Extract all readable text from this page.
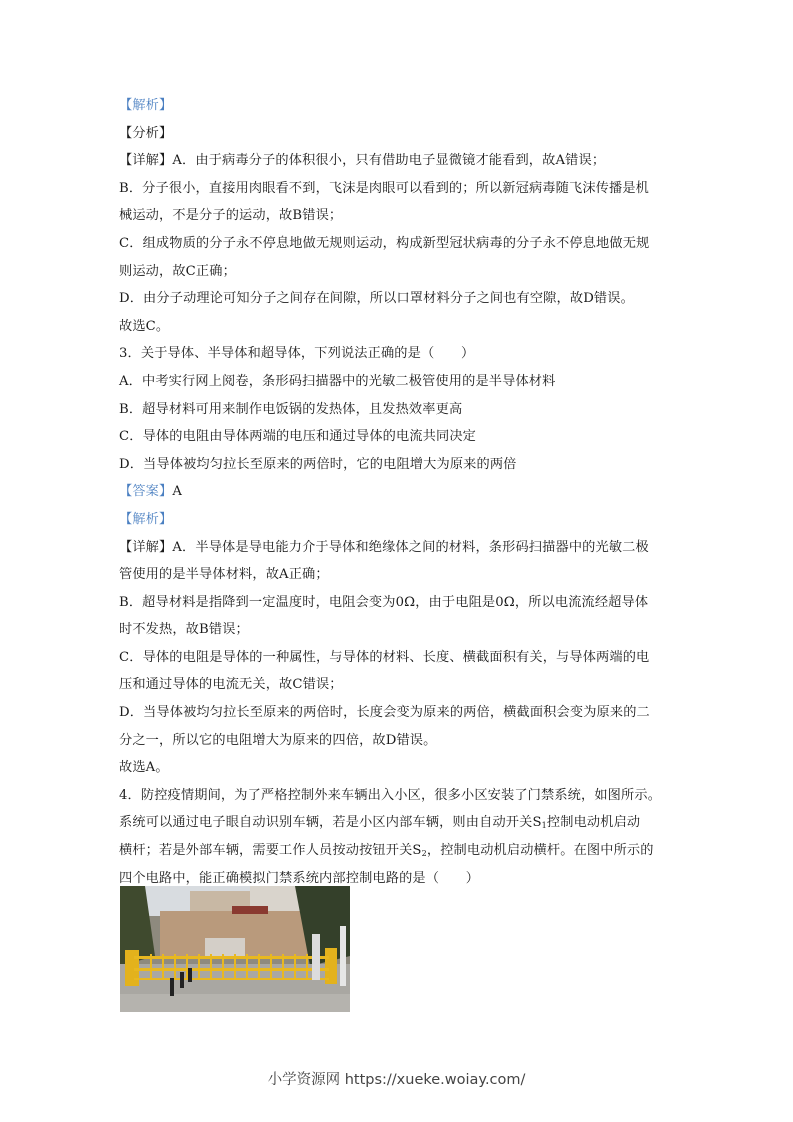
【解析】
【分析】
【详解】A．由于病毒分子的体积很小，只有借助电子显微镜才能看到，故A错误；
B．分子很小，直接用肉眼看不到，飞沫是肉眼可以看到的；所以新冠病毒随飞沫传播是机
械运动，不是分子的运动，故B错误；
C．组成物质的分子永不停息地做无规则运动，构成新型冠状病毒的分子永不停息地做无规
则运动，故C正确；
D．由分子动理论可知分子之间存在间隙，所以口罩材料分子之间也有空隙，故D错误。
故选C。
3．关于导体、半导体和超导体，下列说法正确的是（　　）
A．中考实行网上阅卷，条形码扫描器中的光敏二极管使用的是半导体材料
B．超导材料可用来制作电饭锅的发热体，且发热效率更高
C．导体的电阻由导体两端的电压和通过导体的电流共同决定
D．当导体被均匀拉长至原来的两倍时，它的电阻增大为原来的两倍
【答案】A
【解析】
【详解】A．半导体是导电能力介于导体和绝缘体之间的材料，条形码扫描器中的光敏二极
管使用的是半导体材料，故A正确；
B．超导材料是指降到一定温度时，电阻会变为0Ω，由于电阻是0Ω，所以电流流经超导体
时不发热，故B错误；
C．导体的电阻是导体的一种属性，与导体的材料、长度、横截面积有关，与导体两端的电
压和通过导体的电流无关，故C错误；
D．当导体被均匀拉长至原来的两倍时，长度会变为原来的两倍，横截面积会变为原来的二
分之一，所以它的电阻增大为原来的四倍，故D错误。
故选A。
4．防控疫情期间，为了严格控制外来车辆出入小区，很多小区安装了门禁系统，如图所示。
系统可以通过电子眼自动识别车辆，若是小区内部车辆，则由自动开关$S_1$控制电动机启动
横杆；若是外部车辆，需要工作人员按动按钮开关$S_2$，控制电动机启动横杆。在图中所示的
四个电路中，能正确模拟门禁系统内部控制电路的是（　　）
小学资源网 https://xueke.woiay.com/
